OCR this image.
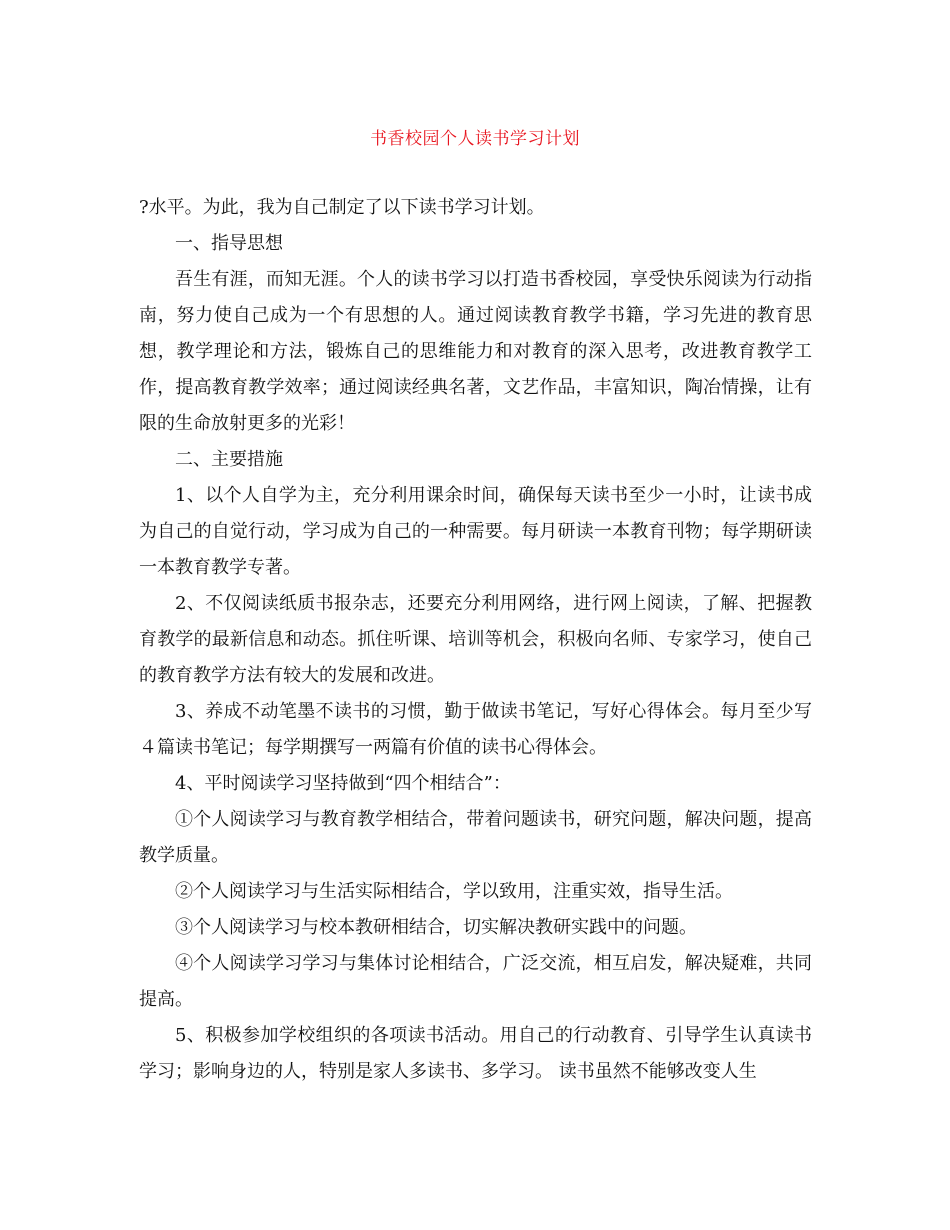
书香校园个人读书学习计划

?水平。为此，我为自己制定了以下读书学习计划。

一、指导思想

吾生有涯，而知无涯。个人的读书学习以打造书香校园，享受快乐阅读为行动指南，努力使自己成为一个有思想的人。通过阅读教育教学书籍，学习先进的教育思想，教学理论和方法，锻炼自己的思维能力和对教育的深入思考，改进教育教学工作，提高教育教学效率；通过阅读经典名著，文艺作品，丰富知识，陶冶情操，让有限的生命放射更多的光彩！

二、主要措施

1、以个人自学为主，充分利用课余时间，确保每天读书至少一小时，让读书成为自己的自觉行动，学习成为自己的一种需要。每月研读一本教育刊物；每学期研读一本教育教学专著。

2、不仅阅读纸质书报杂志，还要充分利用网络，进行网上阅读，了解、把握教育教学的最新信息和动态。抓住听课、培训等机会，积极向名师、专家学习，使自己的教育教学方法有较大的发展和改进。

3、养成不动笔墨不读书的习惯，勤于做读书笔记，写好心得体会。每月至少写４篇读书笔记；每学期撰写一两篇有价值的读书心得体会。

4、平时阅读学习坚持做到“四个相结合”：

①个人阅读学习与教育教学相结合，带着问题读书，研究问题，解决问题，提高教学质量。

②个人阅读学习与生活实际相结合，学以致用，注重实效，指导生活。

③个人阅读学习与校本教研相结合，切实解决教研实践中的问题。

④个人阅读学习学习与集体讨论相结合，广泛交流，相互启发，解决疑难，共同提高。

5、积极参加学校组织的各项读书活动。用自己的行动教育、引导学生认真读书学习；影响身边的人，特别是家人多读书、多学习。 读书虽然不能够改变人生
